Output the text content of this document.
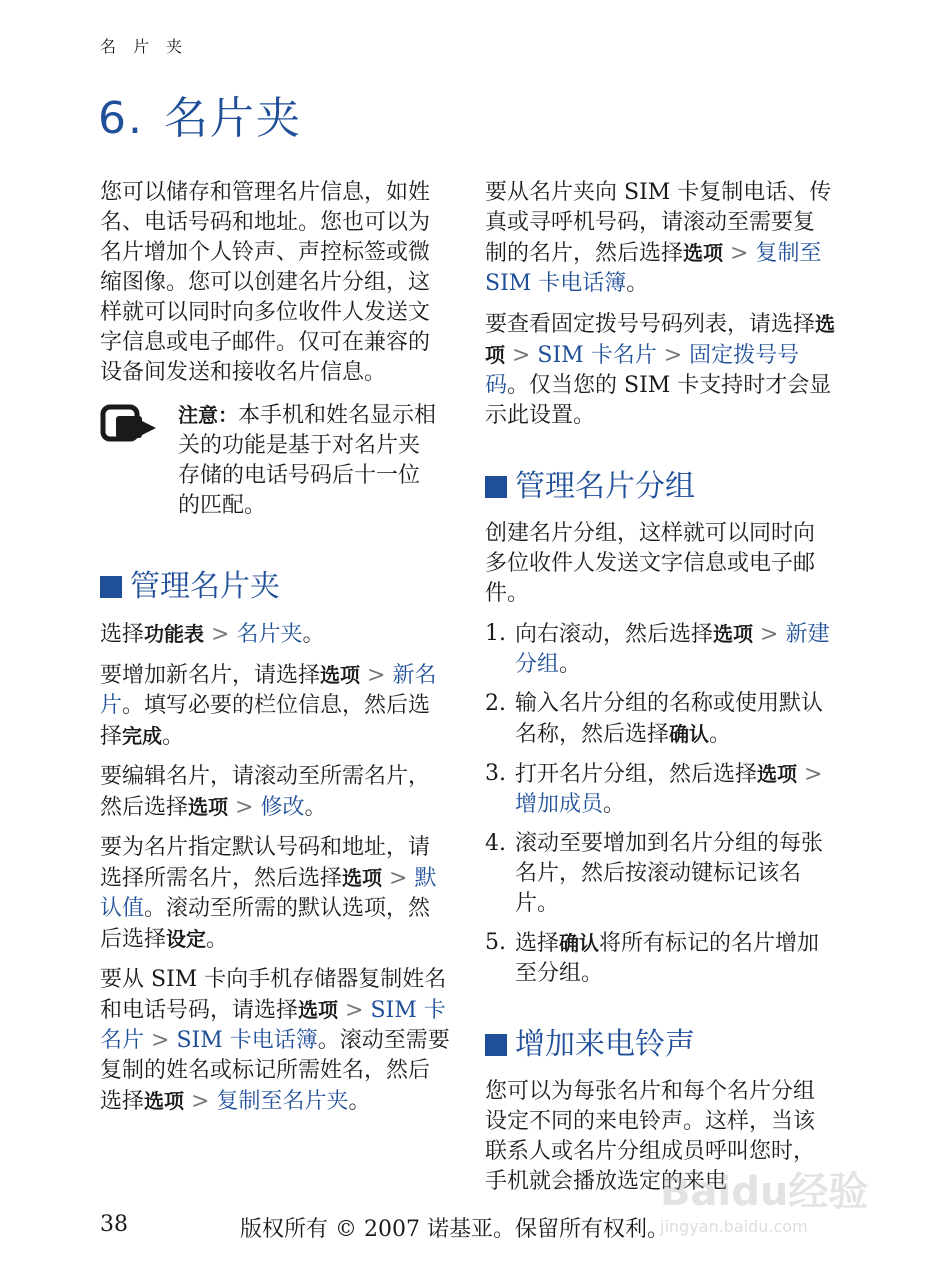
名 片 夹
6. 名片夹

您可以储存和管理名片信息，如姓名、电话号码和地址。您也可以为名片增加个人铃声、声控标签或微缩图像。您可以创建名片分组，这样就可以同时向多位收件人发送文字信息或电子邮件。仅可在兼容的设备间发送和接收名片信息。

注意：本手机和姓名显示相关的功能是基于对名片夹存储的电话号码后十一位的匹配。

管理名片夹

选择功能表 > 名片夹。

要增加新名片，请选择选项 > 新名片。填写必要的栏位信息，然后选择完成。

要编辑名片，请滚动至所需名片，然后选择选项 > 修改。

要为名片指定默认号码和地址，请选择所需名片，然后选择选项 > 默认值。滚动至所需的默认选项，然后选择设定。

要从 SIM 卡向手机存储器复制姓名和电话号码，请选择选项 > SIM 卡名片 > SIM 卡电话簿。滚动至需要复制的姓名或标记所需姓名，然后选择选项 > 复制至名片夹。

要从名片夹向 SIM 卡复制电话、传真或寻呼机号码，请滚动至需要复制的名片，然后选择选项 > 复制至 SIM 卡电话簿。

要查看固定拨号号码列表，请选择选项 > SIM 卡名片 > 固定拨号号码。仅当您的 SIM 卡支持时才会显示此设置。

管理名片分组

创建名片分组，这样就可以同时向多位收件人发送文字信息或电子邮件。

1. 向右滚动，然后选择选项 > 新建分组。
2. 输入名片分组的名称或使用默认名称，然后选择确认。
3. 打开名片分组，然后选择选项 > 增加成员。
4. 滚动至要增加到名片分组的每张名片，然后按滚动键标记该名片。
5. 选择确认将所有标记的名片增加至分组。
增加来电铃声

您可以为每张名片和每个名片分组设定不同的来电铃声。这样，当该联系人或名片分组成员呼叫您时，手机就会播放选定的来电

38	版权所有 © 2007 诺基亚。保留所有权利。
Baidu经验
jingyan.baidu.com
